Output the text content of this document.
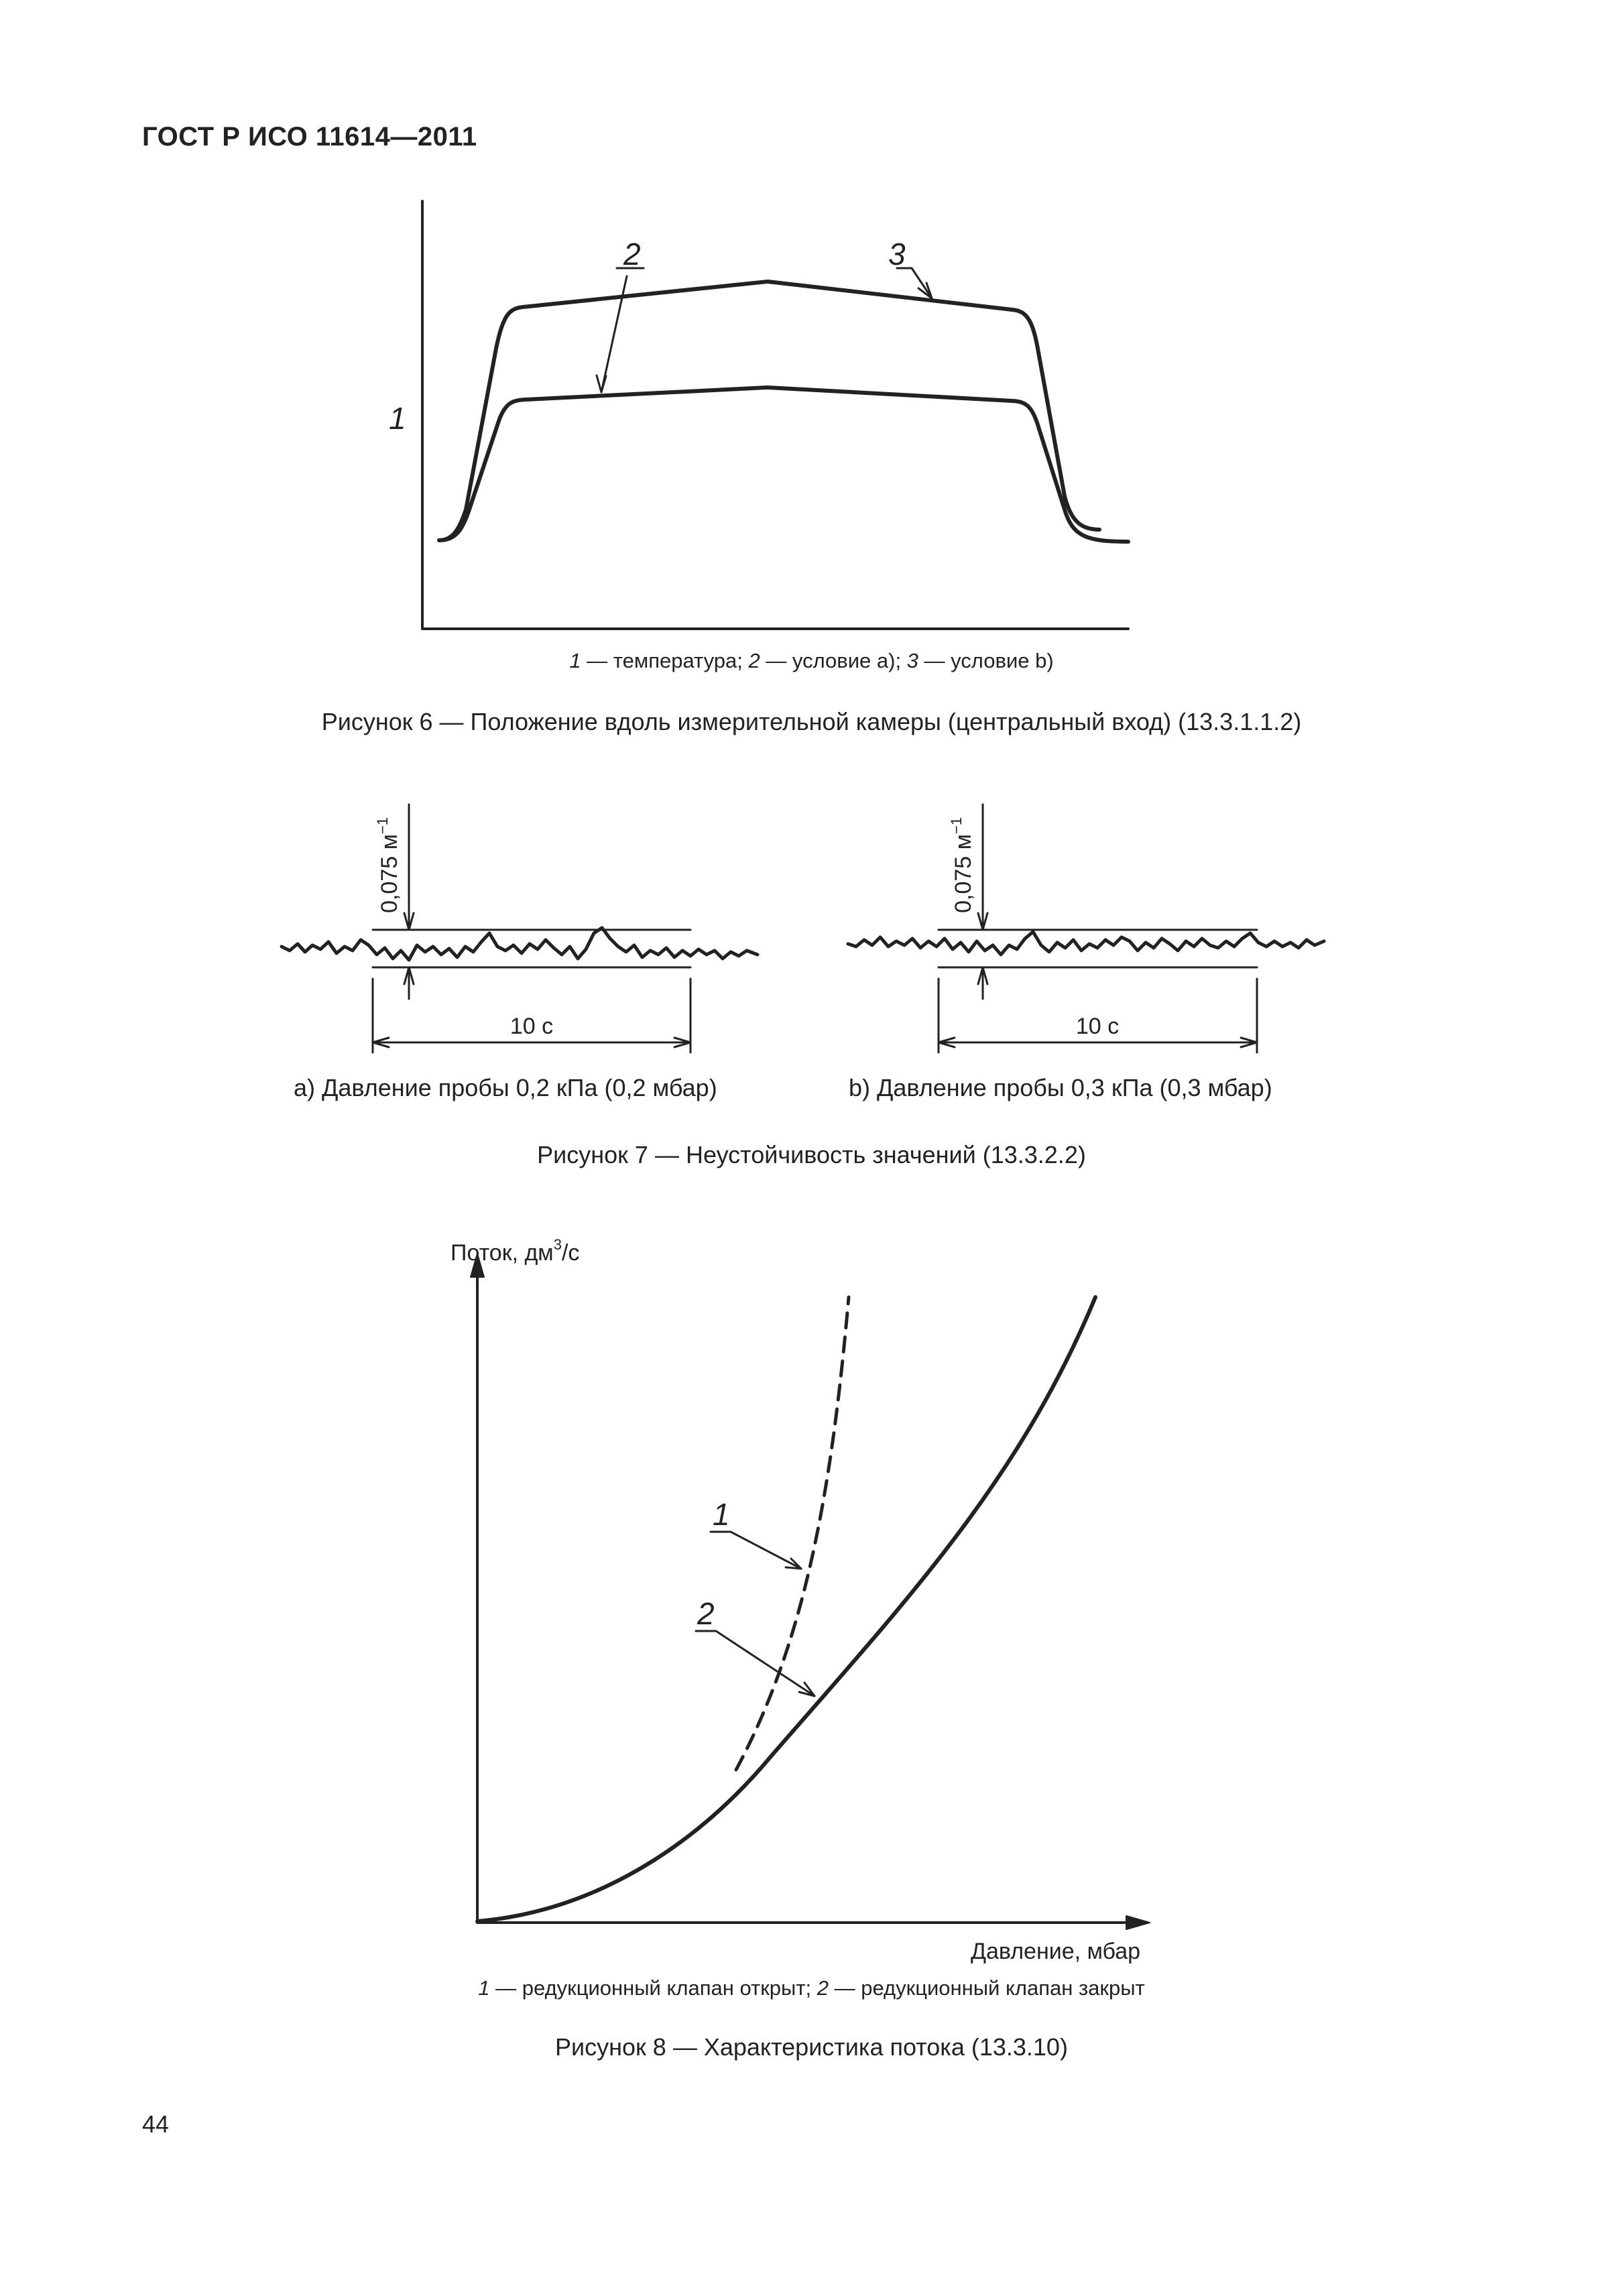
ГОСТ Р ИСО 11614—2011
1
2	3
1 — температура; 2 — условие a); 3 — условие b)
Рисунок 6 — Положение вдоль измерительной камеры (центральный вход) (13.3.1.1.2)
0,075 $м^{-1}$
0,075 $м^{-1}$
10 с	10 с
a) Давление пробы 0,2 кПа (0,2 мбар)	b) Давление пробы 0,3 кПа (0,3 мбар)
Рисунок 7 — Неустойчивость значений (13.3.2.2)
Поток, $дм^3/с$
Давление, мбар
1
2
1 — редукционный клапан открыт; 2 — редукционный клапан закрыт
Рисунок 8 — Характеристика потока (13.3.10)
44
